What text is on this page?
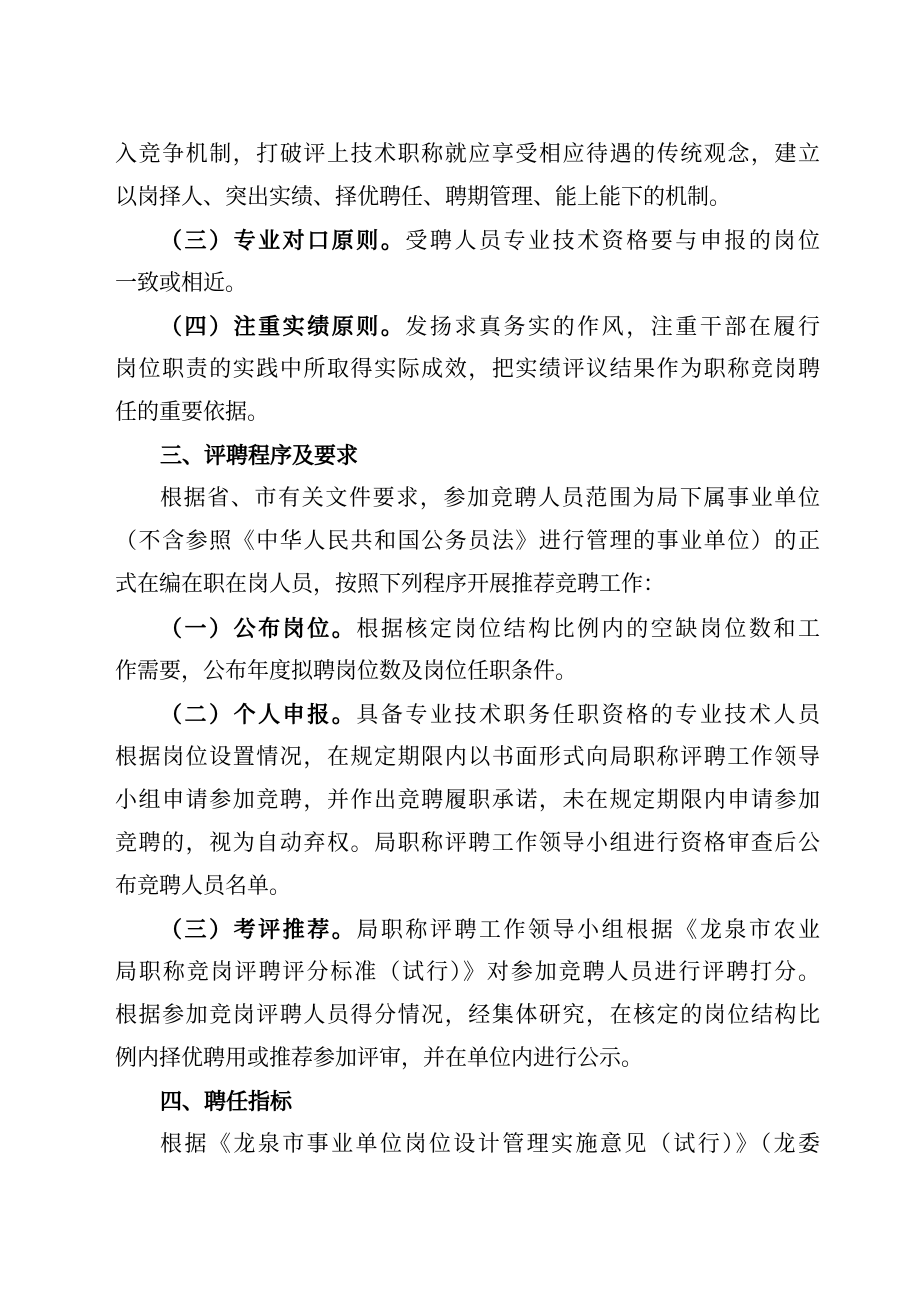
入竞争机制，打破评上技术职称就应享受相应待遇的传统观念，建立
以岗择人、突出实绩、择优聘任、聘期管理、能上能下的机制。
（三）专业对口原则。受聘人员专业技术资格要与申报的岗位
一致或相近。
（四）注重实绩原则。发扬求真务实的作风，注重干部在履行
岗位职责的实践中所取得实际成效，把实绩评议结果作为职称竞岗聘
任的重要依据。
三、评聘程序及要求
根据省、市有关文件要求，参加竞聘人员范围为局下属事业单位
（不含参照《中华人民共和国公务员法》进行管理的事业单位）的正
式在编在职在岗人员，按照下列程序开展推荐竞聘工作：
（一）公布岗位。根据核定岗位结构比例内的空缺岗位数和工
作需要，公布年度拟聘岗位数及岗位任职条件。
（二）个人申报。具备专业技术职务任职资格的专业技术人员
根据岗位设置情况，在规定期限内以书面形式向局职称评聘工作领导
小组申请参加竞聘，并作出竞聘履职承诺，未在规定期限内申请参加
竞聘的，视为自动弃权。局职称评聘工作领导小组进行资格审查后公
布竞聘人员名单。
（三）考评推荐。局职称评聘工作领导小组根据《龙泉市农业
局职称竞岗评聘评分标准（试行）》对参加竞聘人员进行评聘打分。
根据参加竞岗评聘人员得分情况，经集体研究，在核定的岗位结构比
例内择优聘用或推荐参加评审，并在单位内进行公示。
四、聘任指标
根据《龙泉市事业单位岗位设计管理实施意见（试行）》（龙委
